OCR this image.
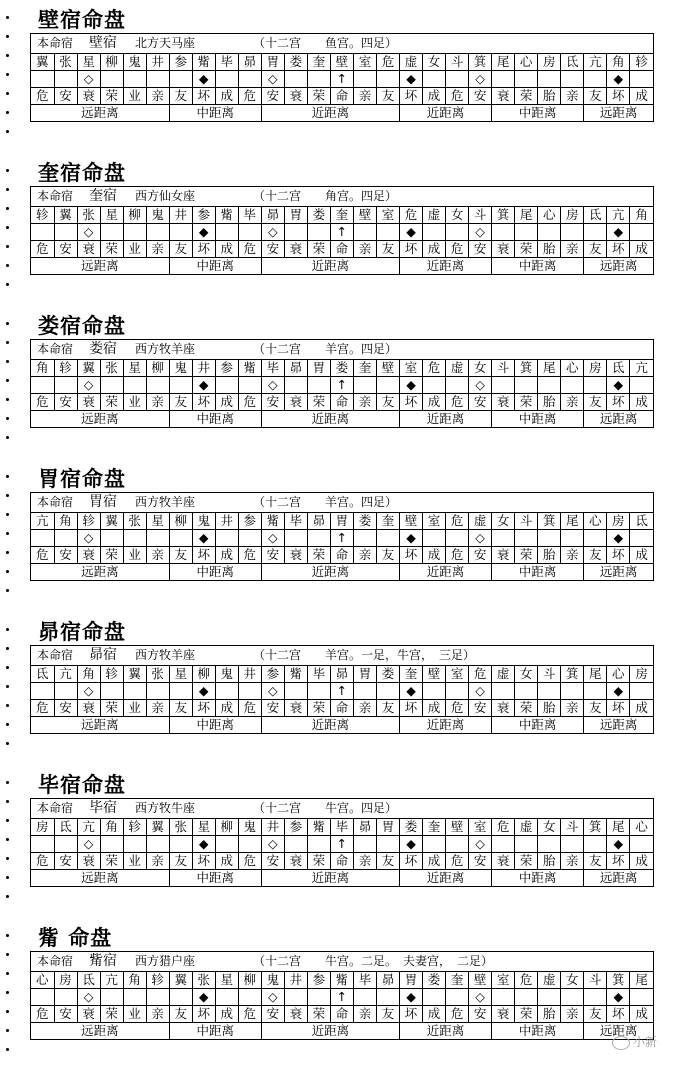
壁宿命盘
本命宿 壁宿 北方天马座	（十二宫　　鱼宫。四足）
翼	张	星	柳	鬼	井	参	觜	毕	昴	胃	娄	奎	壁	室	危	虚	女	斗	箕	尾	心	房	氐	亢	角	轸
		◇					◆			◇			↑			◆			◇						◆	
危	安	衰	荣	业	亲	友	坏	成	危	安	衰	荣	命	亲	友	坏	成	危	安	衰	荣	胎	亲	友	坏	成
远距离						中距离				近距离						近距离				中距离				远距离		
奎宿命盘
本命宿 奎宿 西方仙女座	（十二宫　　角宫。四足）
轸	翼	张	星	柳	鬼	井	参	觜	毕	昴	胃	娄	奎	壁	室	危	虚	女	斗	箕	尾	心	房	氐	亢	角
		◇					◆			◇			↑			◆			◇						◆	
危	安	衰	荣	业	亲	友	坏	成	危	安	衰	荣	命	亲	友	坏	成	危	安	衰	荣	胎	亲	友	坏	成
远距离						中距离				近距离						近距离				中距离				远距离		
娄宿命盘
本命宿 娄宿 西方牧羊座	（十二宫　　羊宫。四足）
角	轸	翼	张	星	柳	鬼	井	参	觜	毕	昴	胃	娄	奎	壁	室	危	虚	女	斗	箕	尾	心	房	氐	亢
		◇					◆			◇			↑			◆			◇						◆	
危	安	衰	荣	业	亲	友	坏	成	危	安	衰	荣	命	亲	友	坏	成	危	安	衰	荣	胎	亲	友	坏	成
远距离						中距离				近距离						近距离				中距离				远距离		
胃宿命盘
本命宿 胃宿 西方牧羊座	（十二宫　　羊宫。四足）
亢	角	轸	翼	张	星	柳	鬼	井	参	觜	毕	昴	胃	娄	奎	壁	室	危	虚	女	斗	箕	尾	心	房	氐
		◇					◆			◇			↑			◆			◇						◆	
危	安	衰	荣	业	亲	友	坏	成	危	安	衰	荣	命	亲	友	坏	成	危	安	衰	荣	胎	亲	友	坏	成
远距离						中距离				近距离						近距离				中距离				远距离		
昴宿命盘
本命宿 昴宿 西方牧羊座	（十二宫　　羊宫。一足，牛宫，　三足）
氐	亢	角	轸	翼	张	星	柳	鬼	井	参	觜	毕	昴	胃	娄	奎	壁	室	危	虚	女	斗	箕	尾	心	房
		◇					◆			◇			↑			◆			◇						◆	
危	安	衰	荣	业	亲	友	坏	成	危	安	衰	荣	命	亲	友	坏	成	危	安	衰	荣	胎	亲	友	坏	成
远距离						中距离				近距离						近距离				中距离				远距离		
毕宿命盘
本命宿 毕宿 西方牧牛座	（十二宫　　牛宫。四足）
房	氐	亢	角	轸	翼	张	星	柳	鬼	井	参	觜	毕	昴	胃	娄	奎	壁	室	危	虚	女	斗	箕	尾	心
		◇					◆			◇			↑			◆			◇						◆	
危	安	衰	荣	业	亲	友	坏	成	危	安	衰	荣	命	亲	友	坏	成	危	安	衰	荣	胎	亲	友	坏	成
远距离						中距离				近距离						近距离				中距离				远距离		
觜 命盘
本命宿 觜宿 西方猎户座	（十二宫　　牛宫。二足。　夫妻宫，　二足）
心	房	氐	亢	角	轸	翼	张	星	柳	鬼	井	参	觜	毕	昴	胃	娄	奎	壁	室	危	虚	女	斗	箕	尾
		◇					◆			◇			↑			◆			◇						◆	
危	安	衰	荣	业	亲	友	坏	成	危	安	衰	荣	命	亲	友	坏	成	危	安	衰	荣	胎	亲	友	坏	成
远距离						中距离				近距离						近距离				中距离				远距离		
小新
